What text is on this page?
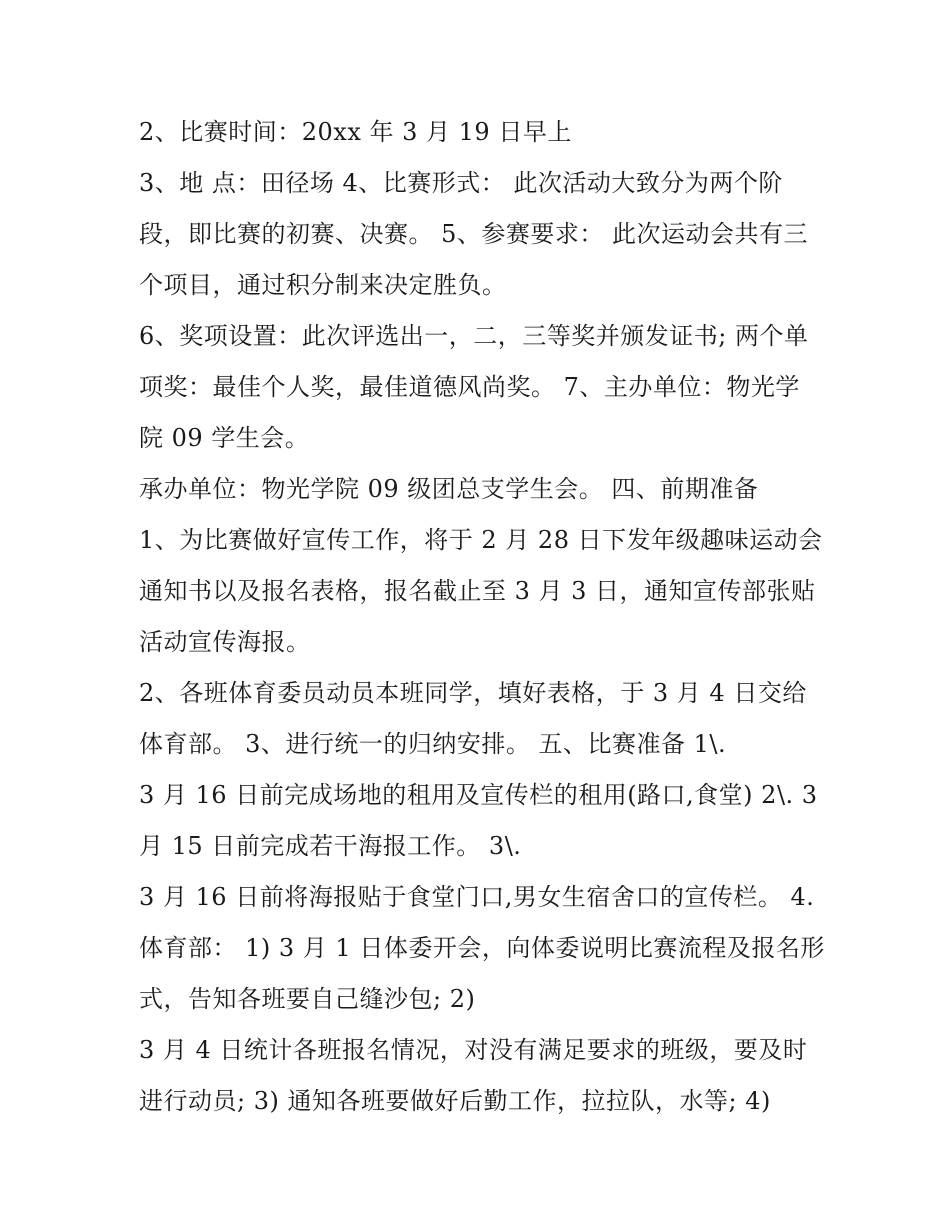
2、比赛时间：20xx 年 3 月 19 日早上
3、地 点：田径场 4、比赛形式： 此次活动大致分为两个阶
段，即比赛的初赛、决赛。 5、参赛要求： 此次运动会共有三
个项目，通过积分制来决定胜负。
6、奖项设置：此次评选出一，二，三等奖并颁发证书; 两个单
项奖：最佳个人奖，最佳道德风尚奖。 7、主办单位：物光学
院 09 学生会。
承办单位：物光学院 09 级团总支学生会。 四、前期准备
1、为比赛做好宣传工作，将于 2 月 28 日下发年级趣味运动会
通知书以及报名表格，报名截止至 3 月 3 日，通知宣传部张贴
活动宣传海报。
2、各班体育委员动员本班同学，填好表格，于 3 月 4 日交给
体育部。 3、进行统一的归纳安排。 五、比赛准备 1\.
3 月 16 日前完成场地的租用及宣传栏的租用(路口,食堂) 2\. 3
月 15 日前完成若干海报工作。 3\.
3 月 16 日前将海报贴于食堂门口,男女生宿舍口的宣传栏。 4.
体育部： 1) 3 月 1 日体委开会，向体委说明比赛流程及报名形
式，告知各班要自己缝沙包; 2)
3 月 4 日统计各班报名情况，对没有满足要求的班级，要及时
进行动员; 3) 通知各班要做好后勤工作，拉拉队，水等; 4)
